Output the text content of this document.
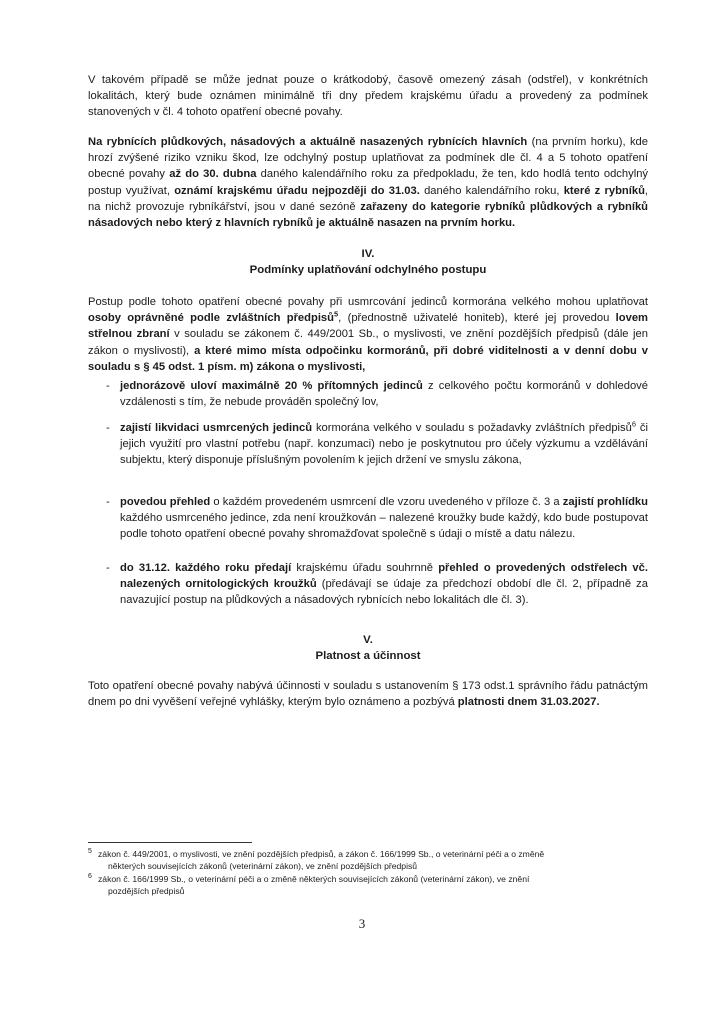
V takovém případě se může jednat pouze o krátkodobý, časově omezený zásah (odstřel), v konkrétních lokalitách, který bude oznámen minimálně tři dny předem krajskému úřadu a provedený za podmínek stanovených v čl. 4 tohoto opatření obecné povahy.
Na rybnících plůdkových, násadových a aktuálně nasazených rybnících hlavních (na prvním horku), kde hrozí zvýšené riziko vzniku škod, lze odchylný postup uplatňovat za podmínek dle čl. 4 a 5 tohoto opatření obecné povahy až do 30. dubna daného kalendářního roku za předpokladu, že ten, kdo hodlá tento odchylný postup využívat, oznámí krajskému úřadu nejpozději do 31.03. daného kalendářního roku, které z rybníků, na nichž provozuje rybníkářství, jsou v dané sezóně zařazeny do kategorie rybníků plůdkových a rybníků násadových nebo který z hlavních rybníků je aktuálně nasazen na prvním horku.
IV.
Podmínky uplatňování odchylného postupu
Postup podle tohoto opatření obecné povahy při usmrcování jedinců kormorána velkého mohou uplatňovat osoby oprávněné podle zvláštních předpisů$^5$, (přednostně uživatelé honiteb), které jej provedou lovem střelnou zbraní v souladu se zákonem č. 449/2001 Sb., o myslivosti, ve znění pozdějších předpisů (dále jen zákon o myslivosti), a které mimo místa odpočinku kormoránů, při dobré viditelnosti a v denní dobu v souladu s § 45 odst. 1 písm. m) zákona o myslivosti,
- jednorázově uloví maximálně 20 % přítomných jedinců z celkového počtu kormoránů v dohledové vzdálenosti s tím, že nebude prováděn společný lov,
- zajistí likvidaci usmrcených jedinců kormorána velkého v souladu s požadavky zvláštních předpisů$^6$ či jejich využití pro vlastní potřebu (např. konzumaci) nebo je poskytnutou pro účely výzkumu a vzdělávání subjektu, který disponuje příslušným povolením k jejich držení ve smyslu zákona,
- povedou přehled o každém provedeném usmrcení dle vzoru uvedeného v příloze č. 3 a zajistí prohlídku každého usmrceného jedince, zda není kroužkován – nalezené kroužky bude každý, kdo bude postupovat podle tohoto opatření obecné povahy shromažďovat společně s údaji o místě a datu nálezu.
- do 31.12. každého roku předají krajskému úřadu souhrnně přehled o provedených odstřelech vč. nalezených ornitologických kroužků (předávají se údaje za předchozí období dle čl. 2, případně za navazující postup na plůdkových a násadových rybnících nebo lokalitách dle čl. 3).
V.
Platnost a účinnost
Toto opatření obecné povahy nabývá účinnosti v souladu s ustanovením § 173 odst.1 správního řádu patnáctým dnem po dni vyvěšení veřejné vyhlášky, kterým bylo oznámeno a pozbývá platnosti dnem 31.03.2027.
5 zákon č. 449/2001, o myslivosti, ve znění pozdějších předpisů, a zákon č. 166/1999 Sb., o veterinární péči a o změně
některých souvisejících zákonů (veterinární zákon), ve znění pozdějších předpisů
6 zákon č. 166/1999 Sb., o veterinární péči a o změně některých souvisejících zákonů (veterinární zákon), ve znění
pozdějších předpisů
3
